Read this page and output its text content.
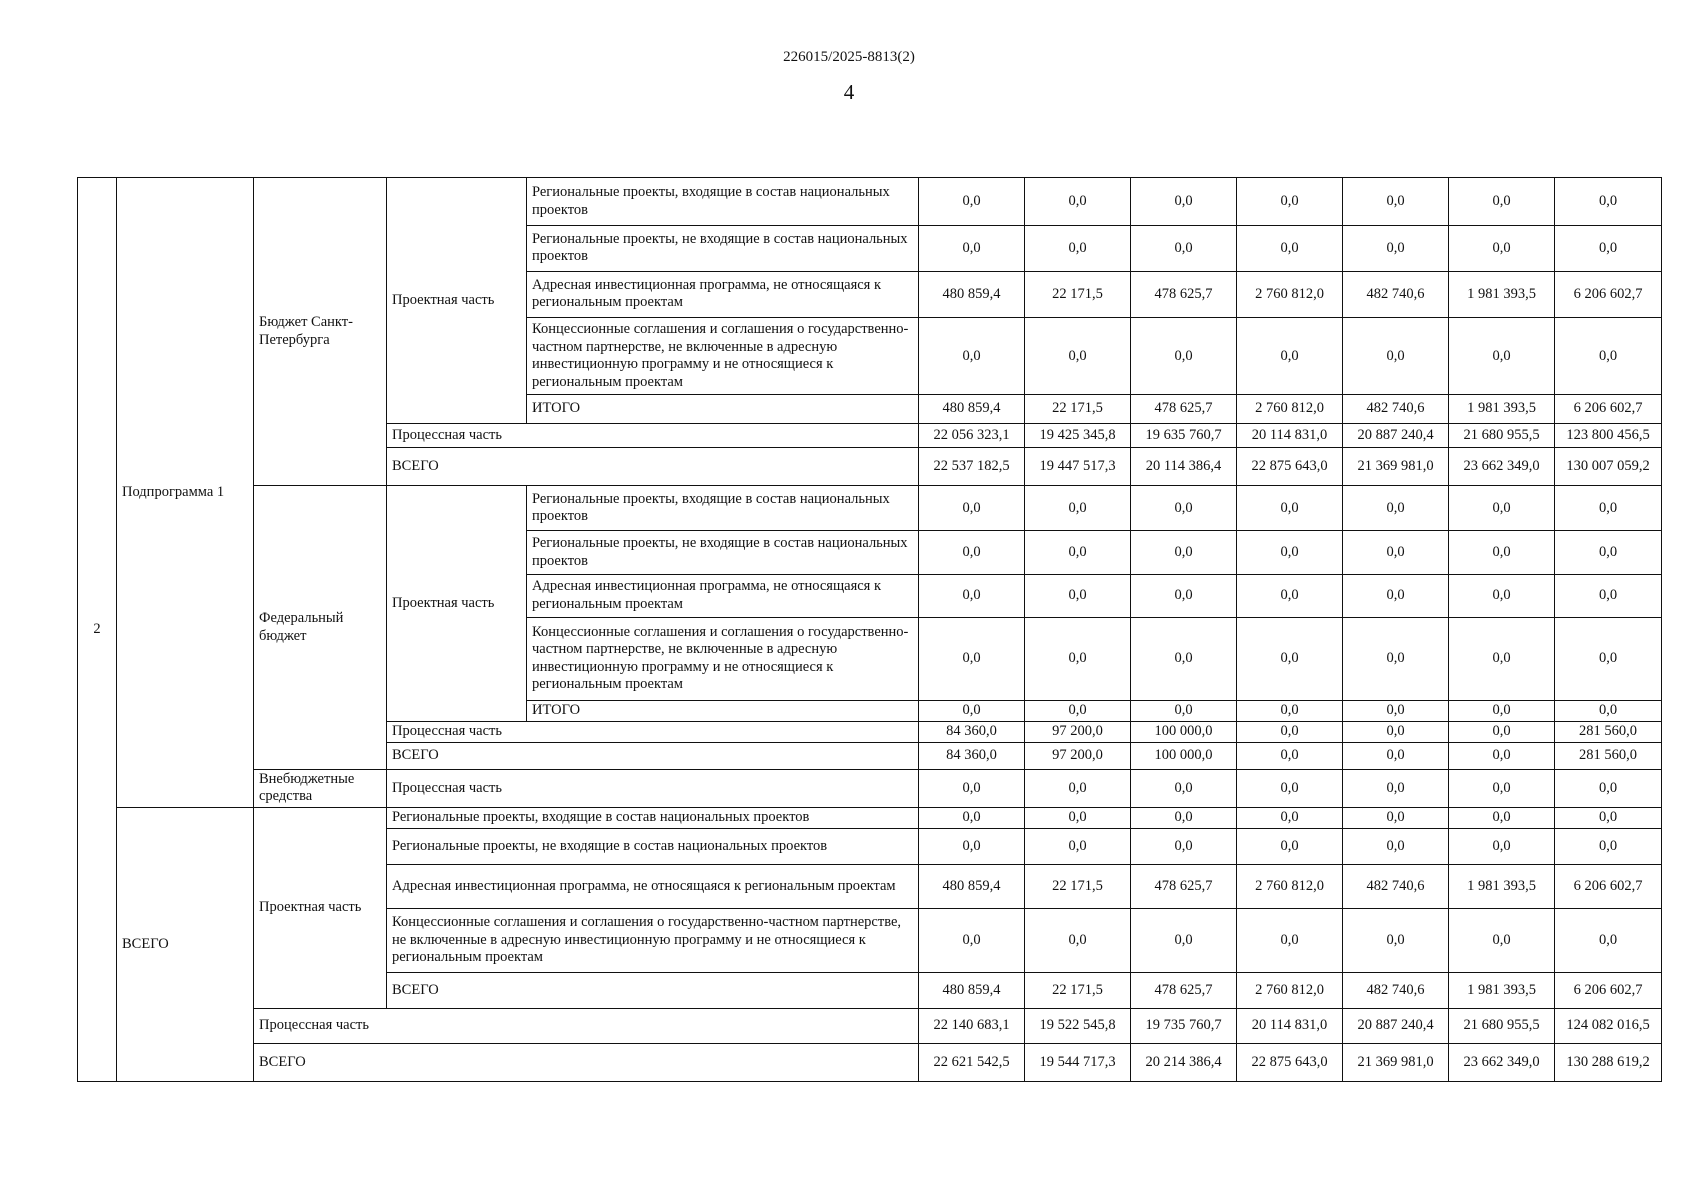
226015/2025-8813(2)
4
2	Подпрограмма 1	Бюджет Санкт-Петербурга	Проектная часть	Региональные проекты, входящие в состав национальных проектов	0,0	0,0	0,0	0,0	0,0	0,0	0,0
				Региональные проекты, не входящие в состав национальных проектов	0,0	0,0	0,0	0,0	0,0	0,0	0,0
				Адресная инвестиционная программа, не относящаяся к региональным проектам	480 859,4	22 171,5	478 625,7	2 760 812,0	482 740,6	1 981 393,5	6 206 602,7
				Концессионные соглашения и соглашения о государственно-частном партнерстве, не включенные в адресную инвестиционную программу и не относящиеся к региональным проектам	0,0	0,0	0,0	0,0	0,0	0,0	0,0
				ИТОГО	480 859,4	22 171,5	478 625,7	2 760 812,0	482 740,6	1 981 393,5	6 206 602,7
			Процессная часть		22 056 323,1	19 425 345,8	19 635 760,7	20 114 831,0	20 887 240,4	21 680 955,5	123 800 456,5
			ВСЕГО		22 537 182,5	19 447 517,3	20 114 386,4	22 875 643,0	21 369 981,0	23 662 349,0	130 007 059,2
		Федеральный бюджет	Проектная часть	Региональные проекты, входящие в состав национальных проектов	0,0	0,0	0,0	0,0	0,0	0,0	0,0
				Региональные проекты, не входящие в состав национальных проектов	0,0	0,0	0,0	0,0	0,0	0,0	0,0
				Адресная инвестиционная программа, не относящаяся к региональным проектам	0,0	0,0	0,0	0,0	0,0	0,0	0,0
				Концессионные соглашения и соглашения о государственно-частном партнерстве, не включенные в адресную инвестиционную программу и не относящиеся к региональным проектам	0,0	0,0	0,0	0,0	0,0	0,0	0,0
				ИТОГО	0,0	0,0	0,0	0,0	0,0	0,0	0,0
			Процессная часть		84 360,0	97 200,0	100 000,0	0,0	0,0	0,0	281 560,0
			ВСЕГО		84 360,0	97 200,0	100 000,0	0,0	0,0	0,0	281 560,0
		Внебюджетные средства	Процессная часть		0,0	0,0	0,0	0,0	0,0	0,0	0,0
	ВСЕГО	Проектная часть	Региональные проекты, входящие в состав национальных проектов		0,0	0,0	0,0	0,0	0,0	0,0	0,0
			Региональные проекты, не входящие в состав национальных проектов		0,0	0,0	0,0	0,0	0,0	0,0	0,0
			Адресная инвестиционная программа, не относящаяся к региональным проектам		480 859,4	22 171,5	478 625,7	2 760 812,0	482 740,6	1 981 393,5	6 206 602,7
			Концессионные соглашения и соглашения о государственно-частном партнерстве, не включенные в адресную инвестиционную программу и не относящиеся к региональным проектам		0,0	0,0	0,0	0,0	0,0	0,0	0,0
			ВСЕГО		480 859,4	22 171,5	478 625,7	2 760 812,0	482 740,6	1 981 393,5	6 206 602,7
		Процессная часть			22 140 683,1	19 522 545,8	19 735 760,7	20 114 831,0	20 887 240,4	21 680 955,5	124 082 016,5
		ВСЕГО			22 621 542,5	19 544 717,3	20 214 386,4	22 875 643,0	21 369 981,0	23 662 349,0	130 288 619,2
